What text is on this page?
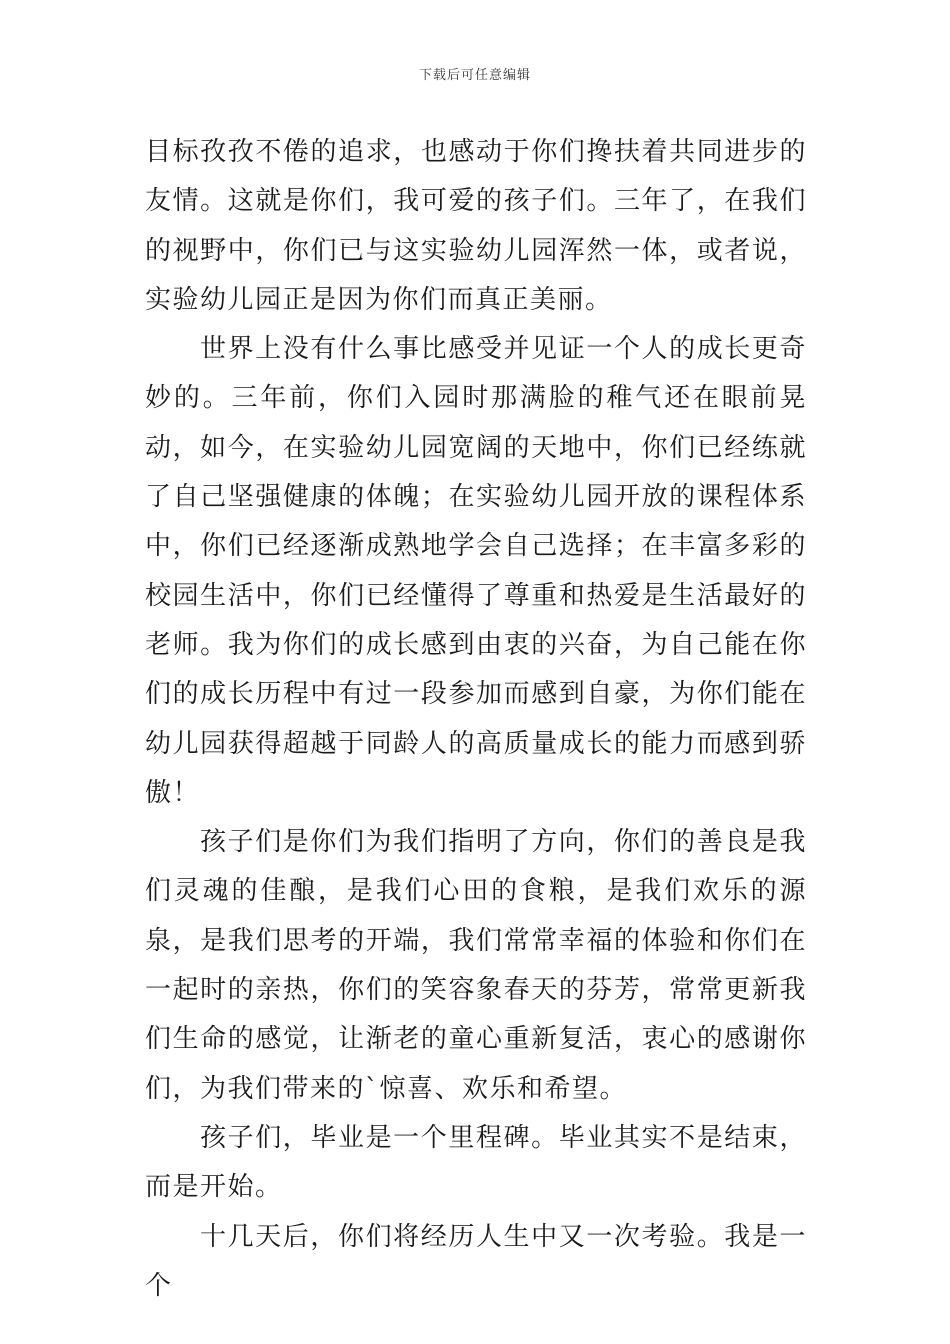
下载后可任意编辑

目标孜孜不倦的追求，也感动于你们搀扶着共同进步的友情。这就是你们，我可爱的孩子们。三年了，在我们的视野中，你们已与这实验幼儿园浑然一体，或者说，实验幼儿园正是因为你们而真正美丽。

世界上没有什么事比感受并见证一个人的成长更奇妙的。三年前，你们入园时那满脸的稚气还在眼前晃动，如今，在实验幼儿园宽阔的天地中，你们已经练就了自己坚强健康的体魄；在实验幼儿园开放的课程体系中，你们已经逐渐成熟地学会自己选择；在丰富多彩的校园生活中，你们已经懂得了尊重和热爱是生活最好的老师。我为你们的成长感到由衷的兴奋，为自己能在你们的成长历程中有过一段参加而感到自豪，为你们能在幼儿园获得超越于同龄人的高质量成长的能力而感到骄傲！

孩子们是你们为我们指明了方向，你们的善良是我们灵魂的佳酿，是我们心田的食粮，是我们欢乐的源泉，是我们思考的开端，我们常常幸福的体验和你们在一起时的亲热，你们的笑容象春天的芬芳，常常更新我们生命的感觉，让渐老的童心重新复活，衷心的感谢你们，为我们带来的`惊喜、欢乐和希望。

孩子们，毕业是一个里程碑。毕业其实不是结束，而是开始。

十几天后，你们将经历人生中又一次考验。我是一个
